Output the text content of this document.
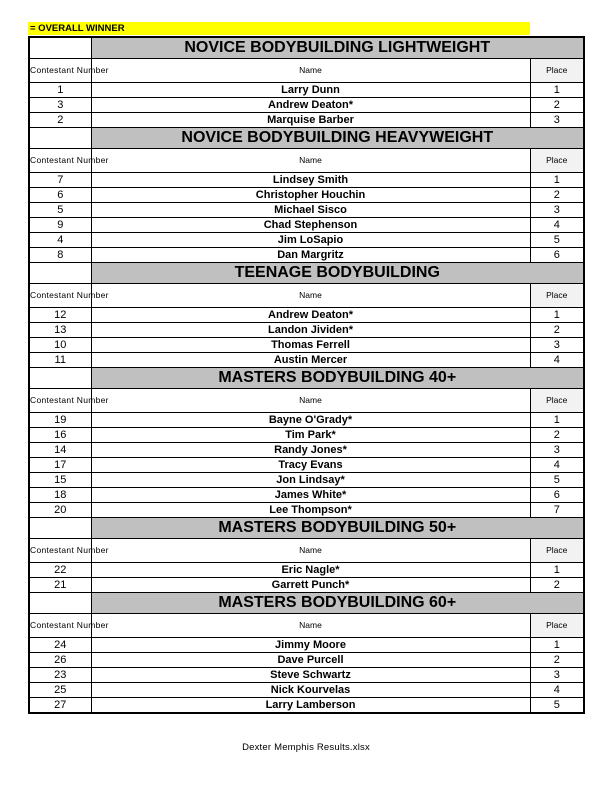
= OVERALL WINNER
	NOVICE BODYBUILDING LIGHTWEIGHT	
Contestant Number	Name	Place
1	Larry Dunn	1
3	Andrew Deaton*	2
2	Marquise Barber	3
	NOVICE BODYBUILDING HEAVYWEIGHT	
Contestant Number	Name	Place
7	Lindsey Smith	1
6	Christopher Houchin	2
5	Michael Sisco	3
9	Chad Stephenson	4
4	Jim LoSapio	5
8	Dan Margritz	6
	TEENAGE BODYBUILDING	
Contestant Number	Name	Place
12	Andrew Deaton*	1
13	Landon Jividen*	2
10	Thomas Ferrell	3
11	Austin Mercer	4
	MASTERS BODYBUILDING 40+	
Contestant Number	Name	Place
19	Bayne O'Grady*	1
16	Tim Park*	2
14	Randy Jones*	3
17	Tracy Evans	4
15	Jon Lindsay*	5
18	James White*	6
20	Lee Thompson*	7
	MASTERS BODYBUILDING 50+	
Contestant Number	Name	Place
22	Eric Nagle*	1
21	Garrett Punch*	2
	MASTERS BODYBUILDING 60+	
Contestant Number	Name	Place
24	Jimmy Moore	1
26	Dave Purcell	2
23	Steve Schwartz	3
25	Nick Kourvelas	4
27	Larry Lamberson	5
Dexter Memphis Results.xlsx
